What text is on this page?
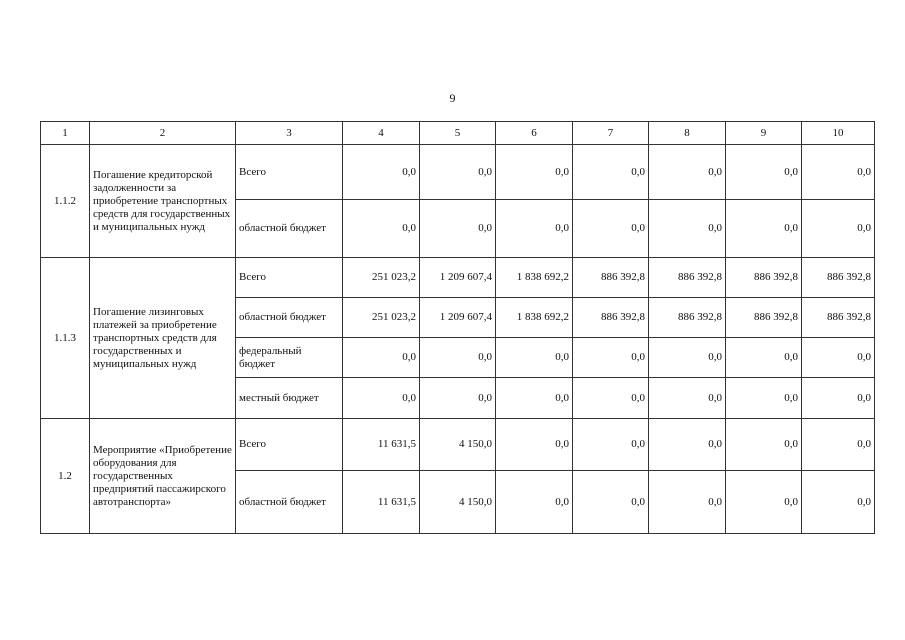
9
1	2	3	4	5	6	7	8	9	10
1.1.2	Погашение кредиторской задолженности за приобретение транспортных средств для государственных и муниципальных нужд	Всего	0,0	0,0	0,0	0,0	0,0	0,0	0,0
		областной бюджет	0,0	0,0	0,0	0,0	0,0	0,0	0,0
1.1.3	Погашение лизинговых платежей за приобретение транспортных средств для государственных и муниципальных нужд	Всего	251 023,2	1 209 607,4	1 838 692,2	886 392,8	886 392,8	886 392,8	886 392,8
		областной бюджет	251 023,2	1 209 607,4	1 838 692,2	886 392,8	886 392,8	886 392,8	886 392,8
		федеральный бюджет	0,0	0,0	0,0	0,0	0,0	0,0	0,0
		местный бюджет	0,0	0,0	0,0	0,0	0,0	0,0	0,0
1.2	Мероприятие «Приобретение оборудования для государственных предприятий пассажирского автотранспорта»	Всего	11 631,5	4 150,0	0,0	0,0	0,0	0,0	0,0
		областной бюджет	11 631,5	4 150,0	0,0	0,0	0,0	0,0	0,0
